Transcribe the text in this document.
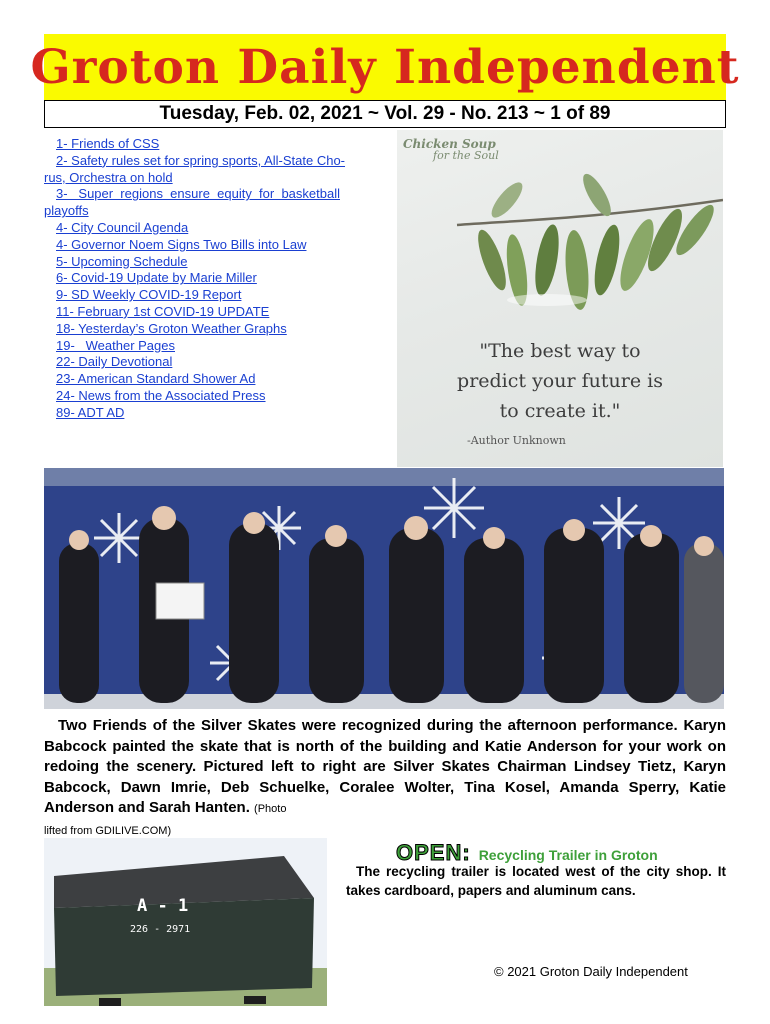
Groton Daily Independent
Tuesday, Feb. 02, 2021 ~ Vol. 29 - No. 213 ~ 1 of 89
1- Friends of CSS
2- Safety rules set for spring sports, All-State Cho-
rus, Orchestra on hold
3-   Super  regions  ensure  equity  for  basketball
playoffs
4- City Council Agenda
4- Governor Noem Signs Two Bills into Law
5- Upcoming Schedule
6- Covid-19 Update by Marie Miller
9- SD Weekly COVID-19 Report
11- February 1st COVID-19 UPDATE
18- Yesterday’s Groton Weather Graphs
19-   Weather Pages
22- Daily Devotional
23- American Standard Shower Ad
24- News from the Associated Press
89- ADT AD
Chicken Soup
for the Soul
"The best way to
predict your future is
to create it."
-Author Unknown
Two Friends of the Silver Skates were recognized during the afternoon performance. Karyn Babcock painted the skate that is north of the building and Katie Anderson for your work on redoing the scenery. Pictured left to right are Silver Skates Chairman Lindsey Tietz, Karyn Babcock, Dawn Imrie, Deb Schuelke, Coralee Wolter, Tina Kosel, Amanda Sperry, Katie Anderson and Sarah Hanten. (Photo
lifted from GDILIVE.COM)
A - 1
226 - 2971
OPEN: Recycling Trailer in Groton
The recycling trailer is located west of the city shop. It takes cardboard, papers and aluminum cans.
© 2021 Groton Daily Independent
